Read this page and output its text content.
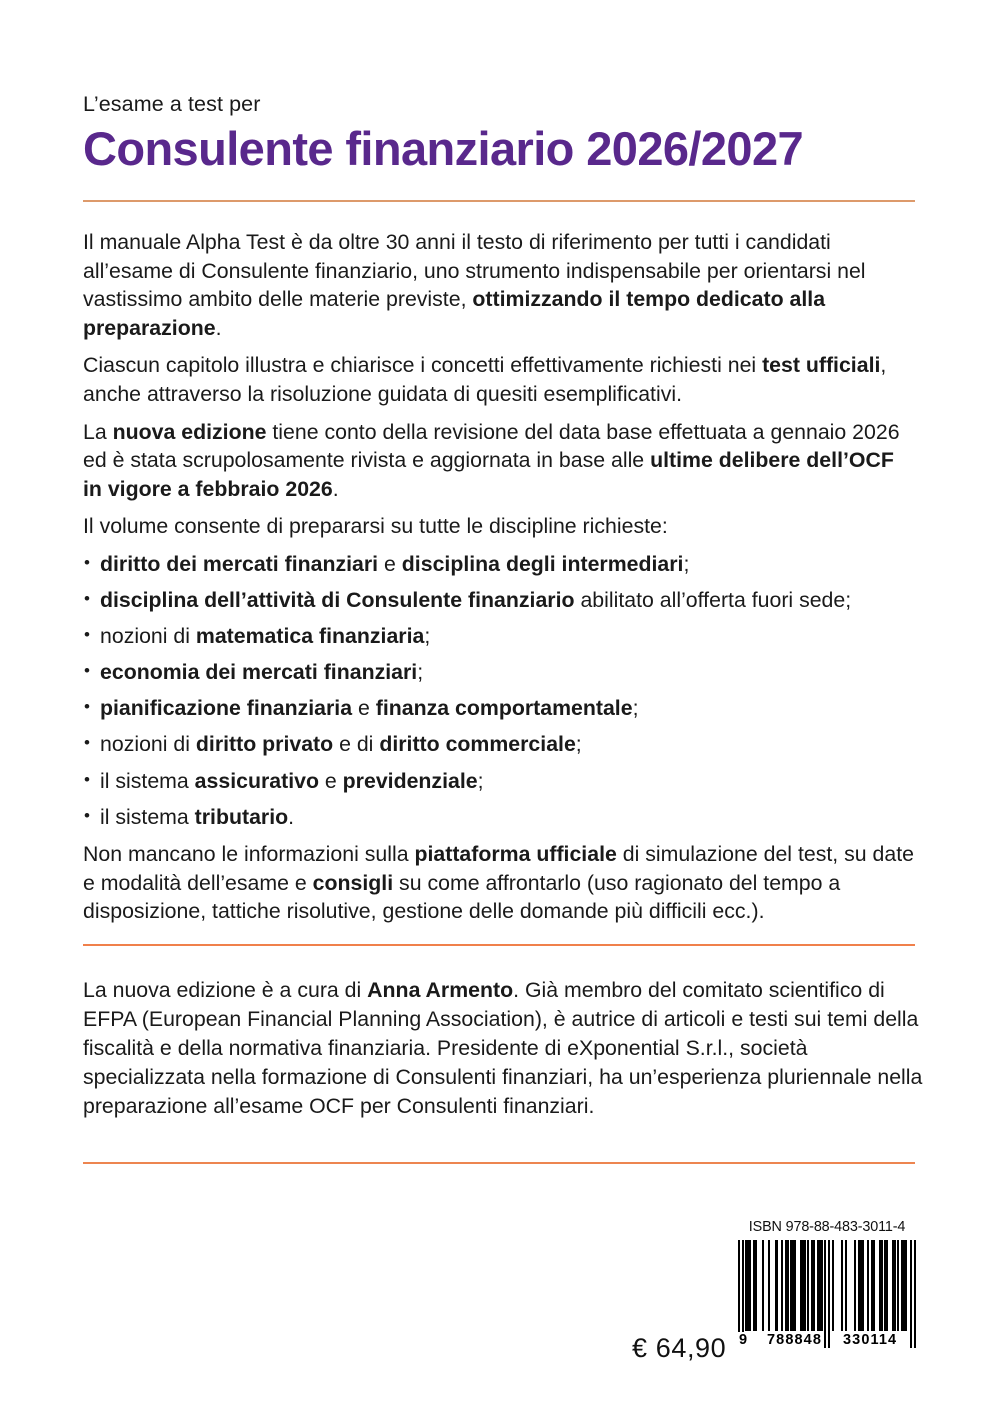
L’esame a test per
Consulente finanziario 2026/2027

Il manuale Alpha Test è da oltre 30 anni il testo di riferimento per tutti i candidati all’esame di Consulente finanziario, uno strumento indispensabile per orientarsi nel vastissimo ambito delle materie previste, ottimizzando il tempo dedicato alla preparazione.

Ciascun capitolo illustra e chiarisce i concetti effettivamente richiesti nei test ufficiali, anche attraverso la risoluzione guidata di quesiti esemplificativi.

La nuova edizione tiene conto della revisione del data base effettuata a gennaio 2026 ed è stata scrupolosamente rivista e aggiornata in base alle ultime delibere dell’OCF in vigore a febbraio 2026.

Il volume consente di prepararsi su tutte le discipline richieste:

• diritto dei mercati finanziari e disciplina degli intermediari;
• disciplina dell’attività di Consulente finanziario abilitato all’offerta fuori sede;
• nozioni di matematica finanziaria;
• economia dei mercati finanziari;
• pianificazione finanziaria e finanza comportamentale;
• nozioni di diritto privato e di diritto commerciale;
• il sistema assicurativo e previdenziale;
• il sistema tributario.

Non mancano le informazioni sulla piattaforma ufficiale di simulazione del test, su date e modalità dell’esame e consigli su come affrontarlo (uso ragionato del tempo a disposizione, tattiche risolutive, gestione delle domande più difficili ecc.).

La nuova edizione è a cura di Anna Armento. Già membro del comitato scientifico di EFPA (European Financial Planning Association), è autrice di articoli e testi sui temi della fiscalità e della normativa finanziaria. Presidente di eXponential S.r.l., società specializzata nella formazione di Consulenti finanziari, ha un’esperienza pluriennale nella preparazione all’esame OCF per Consulenti finanziari.

€ 64,90
ISBN 978-88-483-3011-4
9 788848 330114
